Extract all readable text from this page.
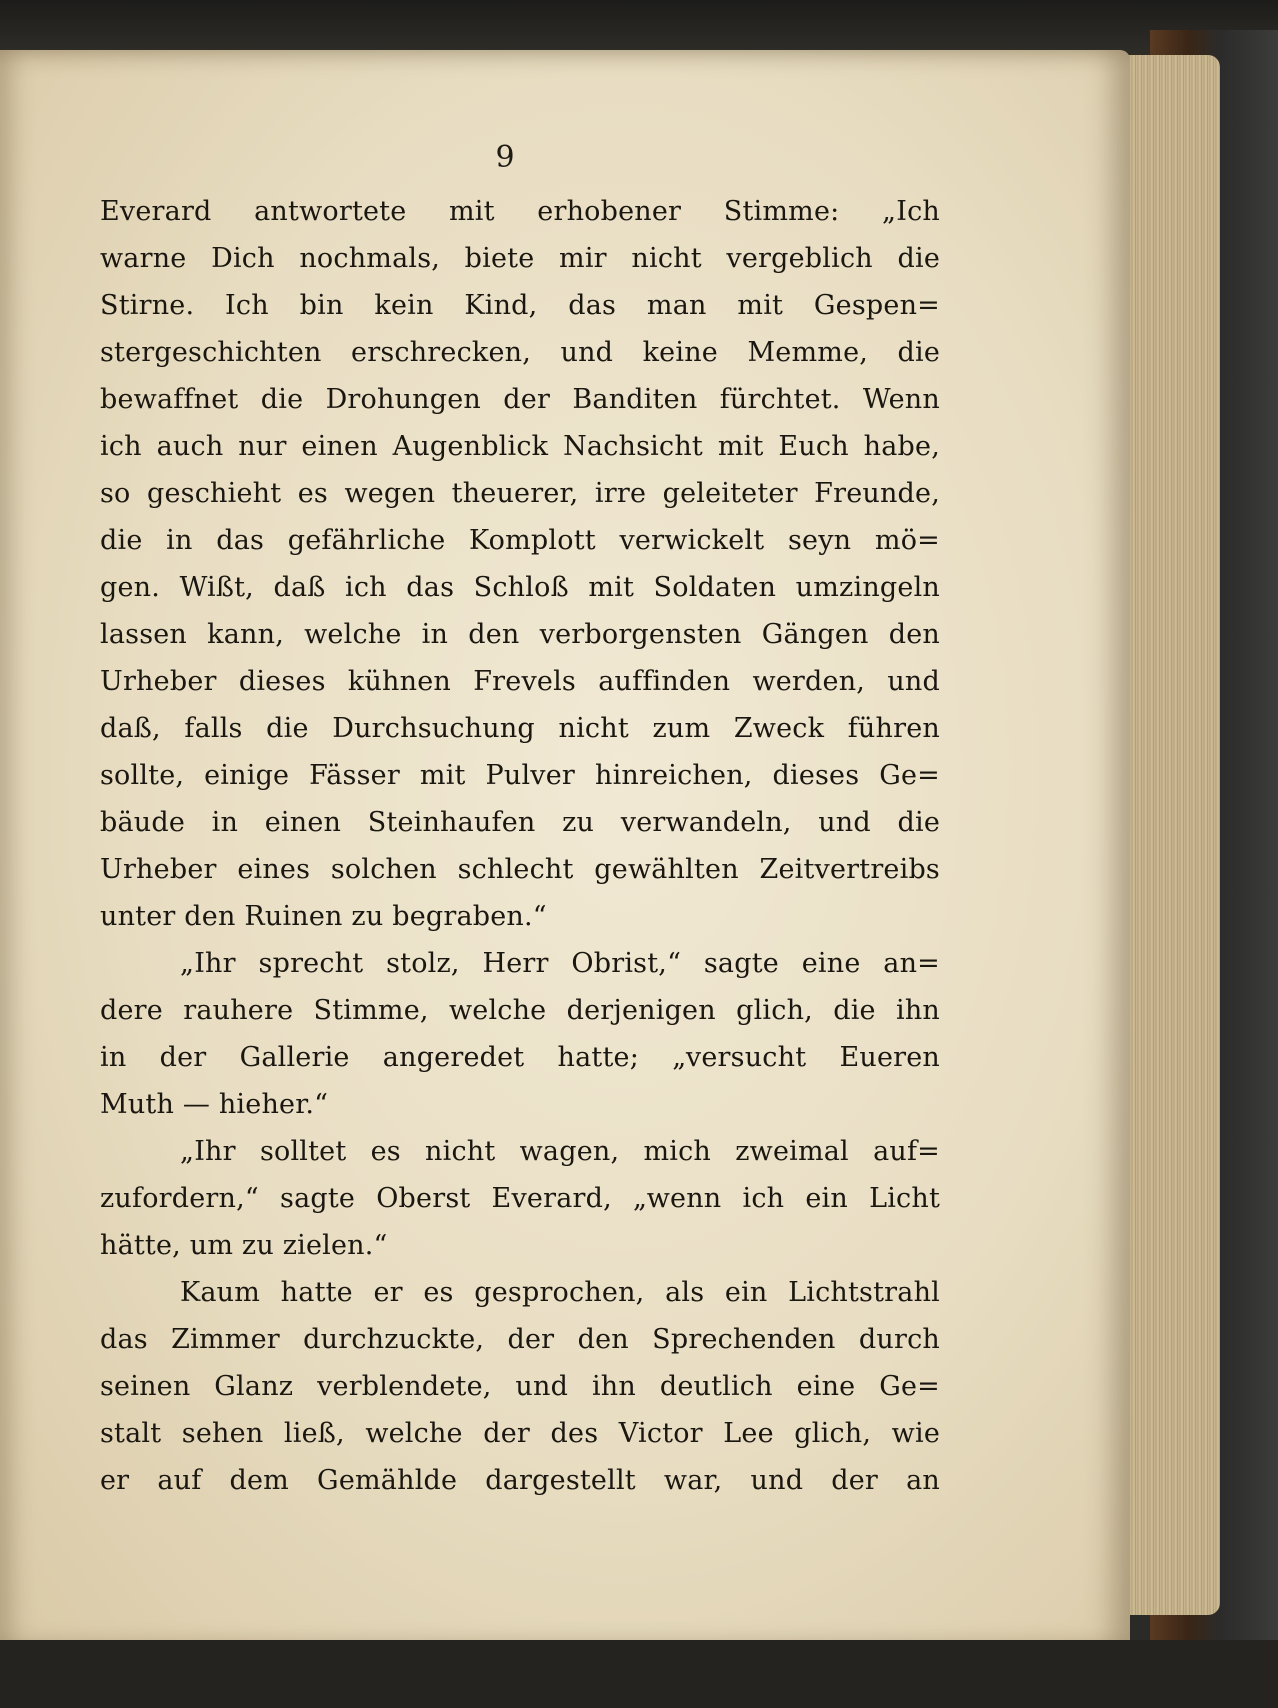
9
Everard antwortete mit erhobener Stimme: „Ich
warne Dich nochmals, biete mir nicht vergeblich die
Stirne. Ich bin kein Kind, das man mit Gespen=
stergeschichten erschrecken, und keine Memme, die
bewaffnet die Drohungen der Banditen fürchtet. Wenn
ich auch nur einen Augenblick Nachsicht mit Euch habe,
so geschieht es wegen theuerer, irre geleiteter Freunde,
die in das gefährliche Komplott verwickelt seyn mö=
gen. Wißt, daß ich das Schloß mit Soldaten umzingeln
lassen kann, welche in den verborgensten Gängen den
Urheber dieses kühnen Frevels auffinden werden, und
daß, falls die Durchsuchung nicht zum Zweck führen
sollte, einige Fässer mit Pulver hinreichen, dieses Ge=
bäude in einen Steinhaufen zu verwandeln, und die
Urheber eines solchen schlecht gewählten Zeitvertreibs
unter den Ruinen zu begraben.“
„Ihr sprecht stolz, Herr Obrist,“ sagte eine an=
dere rauhere Stimme, welche derjenigen glich, die ihn
in der Gallerie angeredet hatte; „versucht Eueren
Muth — hieher.“
„Ihr solltet es nicht wagen, mich zweimal auf=
zufordern,“ sagte Oberst Everard, „wenn ich ein Licht
hätte, um zu zielen.“
Kaum hatte er es gesprochen, als ein Lichtstrahl
das Zimmer durchzuckte, der den Sprechenden durch
seinen Glanz verblendete, und ihn deutlich eine Ge=
stalt sehen ließ, welche der des Victor Lee glich, wie
er auf dem Gemählde dargestellt war, und der an
